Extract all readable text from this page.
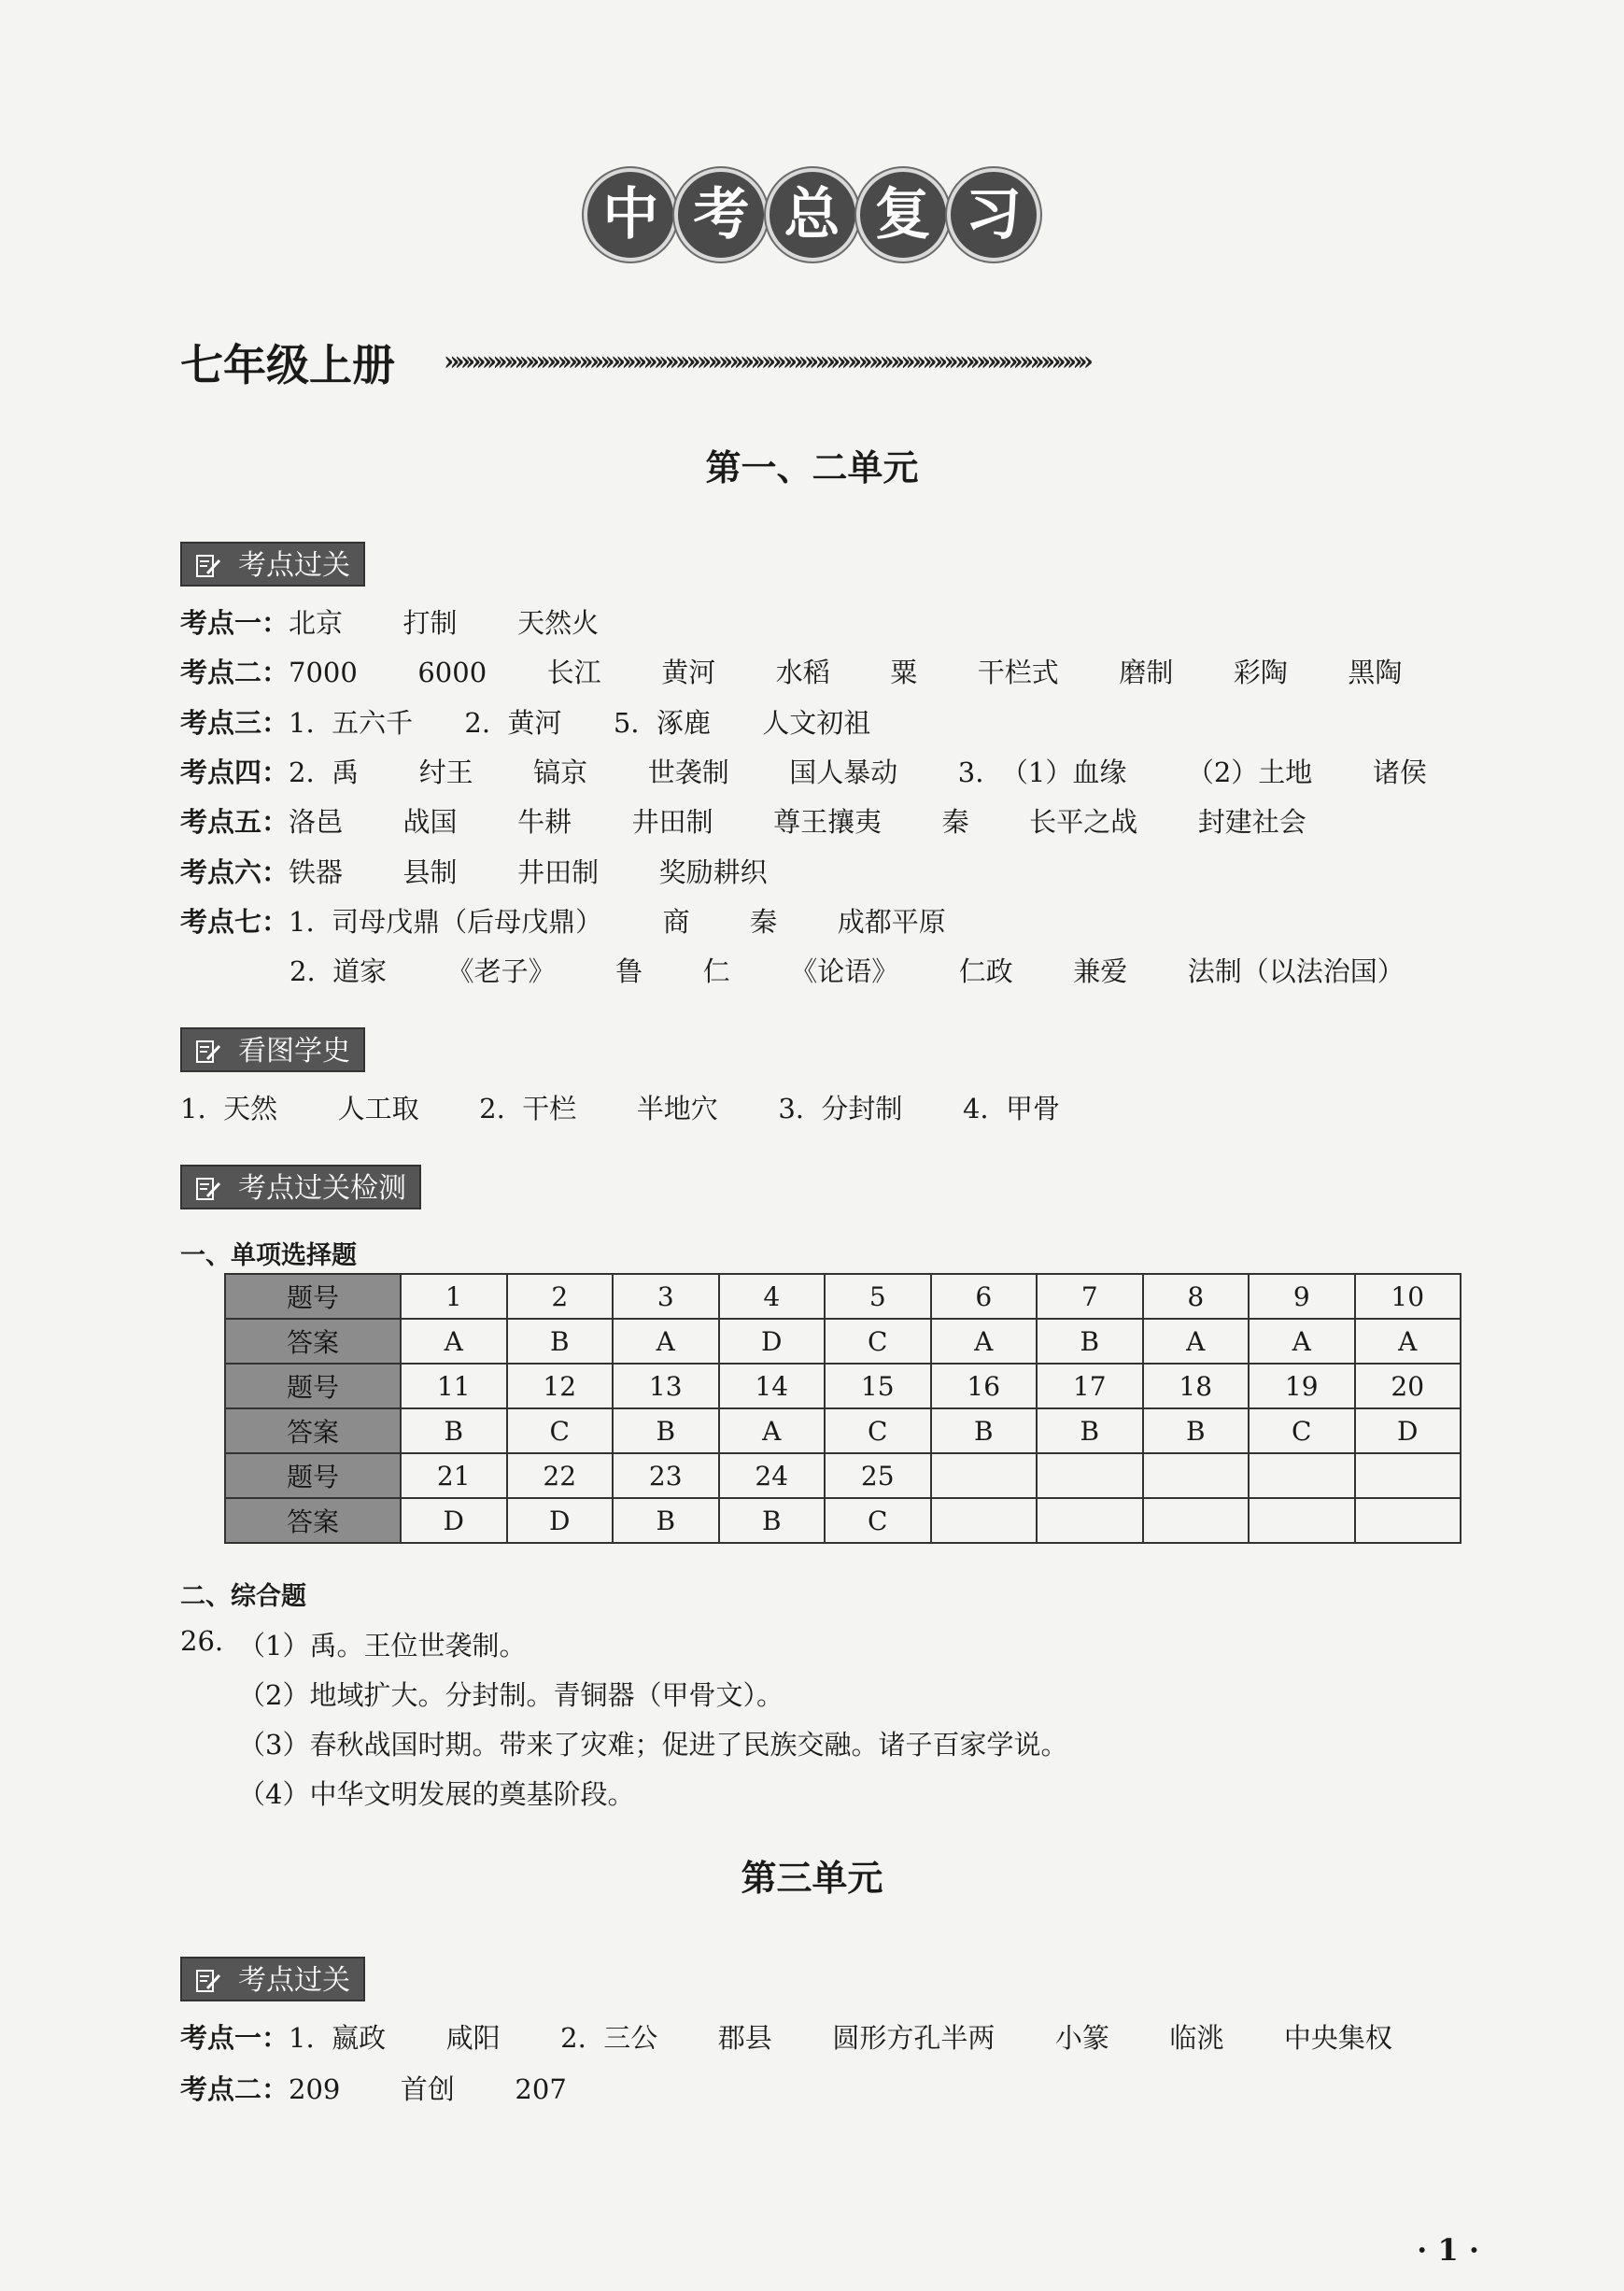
中 考 总 复 习
七年级上册 »»»»»»»»»»»»»»»»»»»»»»»»»»»»»»»»»»»»»»»»»»»»»»»»»»»»»»»»»»»»
第一、二单元
考点过关
考点一：北京       打制       天然火
考点二：7000       6000       长江       黄河       水稻       粟       干栏式       磨制       彩陶       黑陶
考点三：1.  五六千      2.  黄河      5.  涿鹿      人文初祖
考点四：2.  禹       纣王       镐京       世袭制       国人暴动       3.  （1）血缘       （2）土地       诸侯
考点五：洛邑       战国       牛耕       井田制       尊王攘夷       秦       长平之战       封建社会
考点六：铁器       县制       井田制       奖励耕织
考点七：1.  司母戊鼎（后母戊鼎）       商       秦       成都平原
2.  道家       《老子》       鲁       仁       《论语》       仁政       兼爱       法制（以法治国）
看图学史
1.  天然       人工取       2.  干栏       半地穴       3.  分封制       4.  甲骨
考点过关检测
一、单项选择题
题号	1	2	3	4	5	6	7	8	9	10
答案	A	B	A	D	C	A	B	A	A	A
题号	11	12	13	14	15	16	17	18	19	20
答案	B	C	B	A	C	B	B	B	C	D
题号	21	22	23	24	25					
答案	D	D	B	B	C					
二、综合题
26. （1）禹。王位世袭制。
（2）地域扩大。分封制。青铜器（甲骨文）。
（3）春秋战国时期。带来了灾难；促进了民族交融。诸子百家学说。
（4）中华文明发展的奠基阶段。
第三单元
考点过关
考点一：1.  嬴政       咸阳       2.  三公       郡县       圆形方孔半两       小篆       临洮       中央集权
考点二：209       首创       207
· 1 ·
